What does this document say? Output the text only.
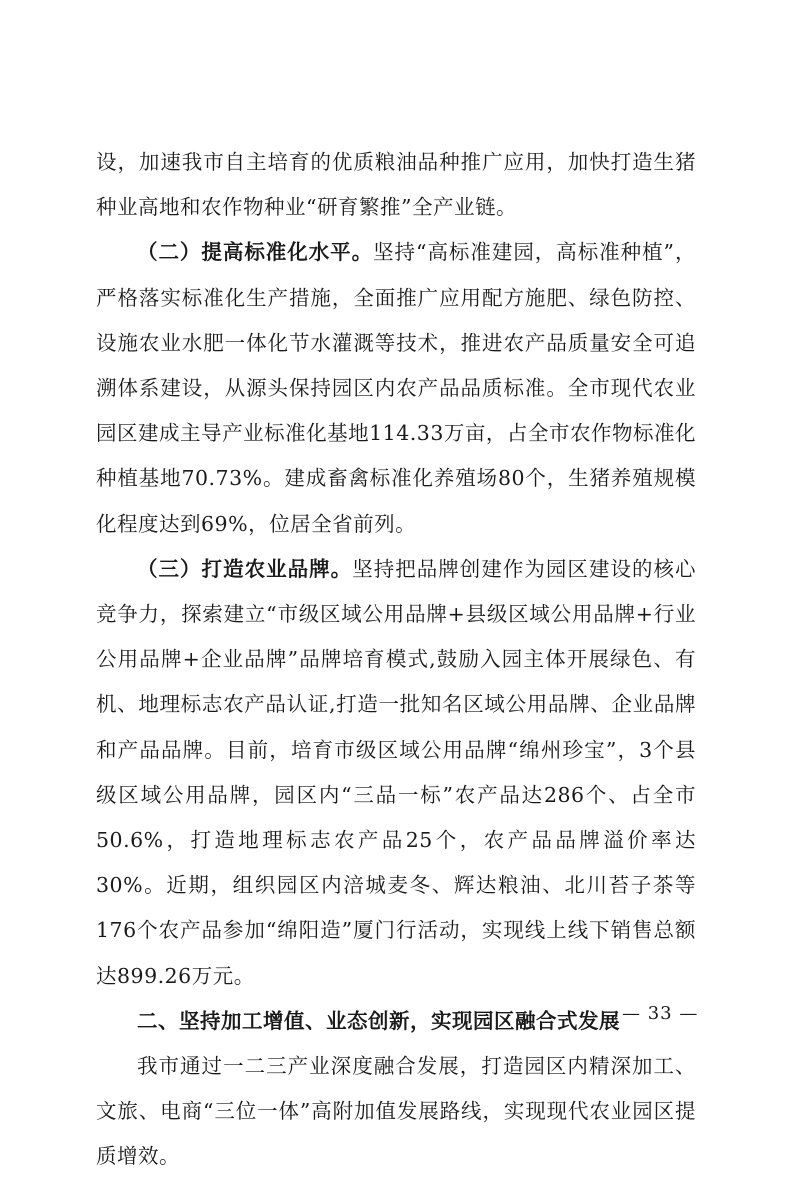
设，加速我市自主培育的优质粮油品种推广应用，加快打造生猪种业高地和农作物种业“研育繁推”全产业链。

（二）提高标准化水平。坚持“高标准建园，高标准种植”，严格落实标准化生产措施，全面推广应用配方施肥、绿色防控、设施农业水肥一体化节水灌溉等技术，推进农产品质量安全可追溯体系建设，从源头保持园区内农产品品质标准。全市现代农业园区建成主导产业标准化基地114.33万亩，占全市农作物标准化种植基地70.73%。建成畜禽标准化养殖场80个，生猪养殖规模化程度达到69%，位居全省前列。

（三）打造农业品牌。坚持把品牌创建作为园区建设的核心竞争力，探索建立“市级区域公用品牌+县级区域公用品牌+行业公用品牌+企业品牌”品牌培育模式,鼓励入园主体开展绿色、有机、地理标志农产品认证,打造一批知名区域公用品牌、企业品牌和产品品牌。目前，培育市级区域公用品牌“绵州珍宝”，3个县级区域公用品牌，园区内“三品一标”农产品达286个、占全市50.6%，打造地理标志农产品25个，农产品品牌溢价率达30%。近期，组织园区内涪城麦冬、辉达粮油、北川苔子茶等176个农产品参加“绵阳造”厦门行活动，实现线上线下销售总额达899.26万元。

二、坚持加工增值、业态创新，实现园区融合式发展

我市通过一二三产业深度融合发展，打造园区内精深加工、文旅、电商“三位一体”高附加值发展路线，实现现代农业园区提质增效。

— 33 —
